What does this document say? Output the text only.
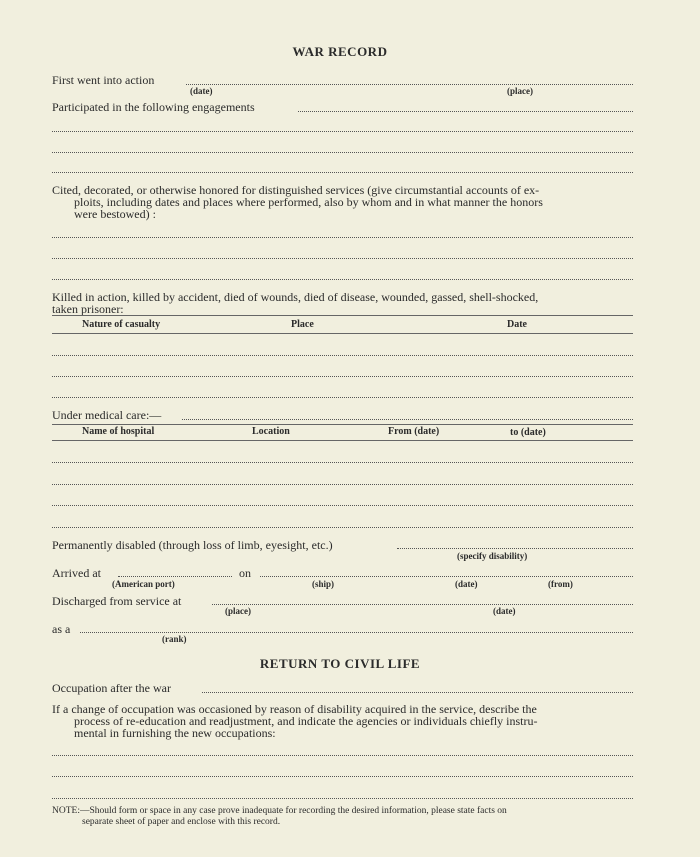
WAR RECORD
First went into action
(date)	(place)
Participated in the following engagements
Cited, decorated, or otherwise honored for distinguished services (give circumstantial accounts of ex-
ploits, including dates and places where performed, also by whom and in what manner the honors
were bestowed) :
Killed in action, killed by accident, died of wounds, died of disease, wounded, gassed, shell-shocked,
taken prisoner:
Nature of casualty	Place	Date
Under medical care:—
Name of hospital	Location	From (date)	to (date)
Permanently disabled (through loss of limb, eyesight, etc.)
(specify disability)
Arrived at	on
(American port)	(ship)	(date)	(from)
Discharged from service at
(place)	(date)
as a
(rank)
RETURN TO CIVIL LIFE
Occupation after the war
If a change of occupation was occasioned by reason of disability acquired in the service, describe the
process of re-education and readjustment, and indicate the agencies or individuals chiefly instru-
mental in furnishing the new occupations:
NOTE:—Should form or space in any case prove inadequate for recording the desired information, please state facts on
separate sheet of paper and enclose with this record.
